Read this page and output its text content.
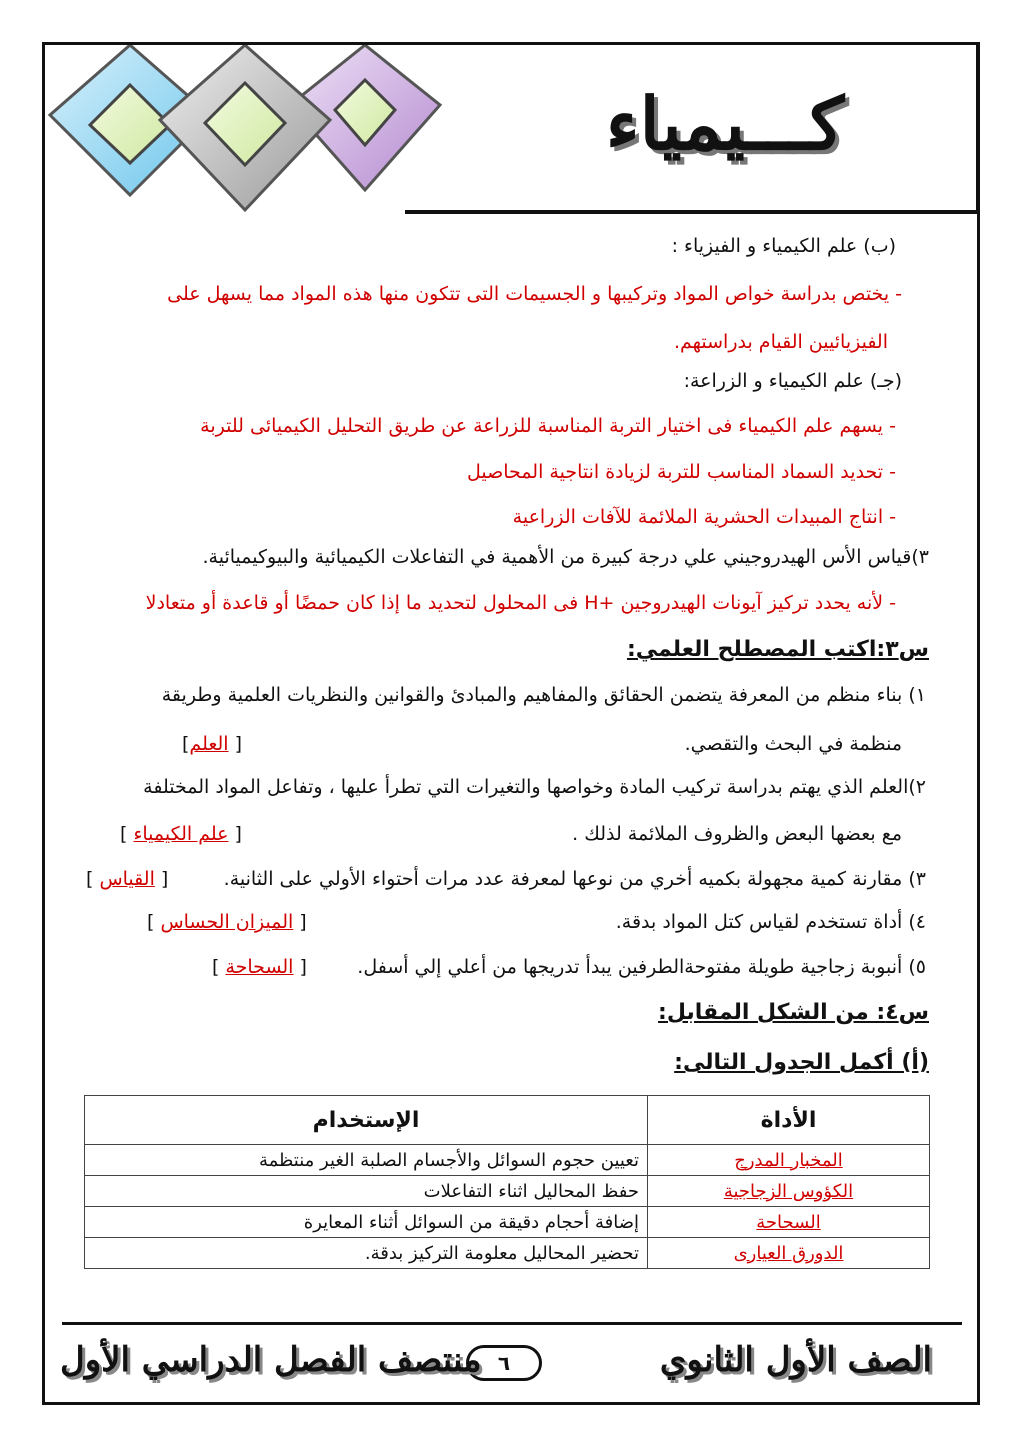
كـــيمياء
(ب) علم الكيمياء و الفيزياء :
- يختص بدراسة خواص المواد وتركيبها و الجسيمات التى تتكون منها هذه المواد مما يسهل على
الفيزيائيين القيام بدراستهم.
(جـ) علم الكيمياء و الزراعة:
- يسهم علم الكيمياء فى اختيار التربة المناسبة للزراعة عن طريق التحليل الكيميائى للتربة
- تحديد السماد المناسب للتربة لزيادة انتاجية المحاصيل
- انتاج المبيدات الحشرية الملائمة للآفات الزراعية
٣)قياس الأس الهيدروجيني علي درجة كبيرة من الأهمية في التفاعلات الكيميائية والبيوكيميائية.
- لأنه يحدد تركيز آيونات الهيدروجين +H فى المحلول لتحديد ما إذا كان حمضًا أو قاعدة أو متعادلا
س٣:اكتب المصطلح العلمي:
١) بناء منظم من المعرفة يتضمن الحقائق والمفاهيم والمبادئ والقوانين والنظريات العلمية وطريقة
منظمة في البحث والتقصي.
[ العلم]
٢)العلم الذي يهتم بدراسة تركيب المادة وخواصها والتغيرات التي تطرأ عليها ، وتفاعل المواد المختلفة
مع بعضها البعض والظروف الملائمة لذلك .
[ علم الكيمياء ]
٣) مقارنة كمية مجهولة بكميه أخري من نوعها لمعرفة عدد مرات أحتواء الأولي على الثانية.
[ القياس ]
٤) أداة تستخدم لقياس كتل المواد بدقة.
[ الميزان الحساس ]
٥) أنبوبة زجاجية طويلة مفتوحةالطرفين يبدأ تدريجها من أعلي إلي أسفل.
[ السحاحة ]
س٤: من الشكل المقابل:
(أ) أكمل الجدول التالى:
الأداة	الإستخدام
المخبار المدرج	تعيين حجوم السوائل والأجسام الصلبة الغير منتظمة
الكؤوس الزجاجية	حفظ المحاليل اثناء التفاعلات
السحاحة	إضافة أحجام دقيقة من السوائل أثناء المعايرة
الدورق العيارى	تحضير المحاليل معلومة التركيز بدقة.
الصف الأول الثانوي
٦
منتصف الفصل الدراسي الأول
